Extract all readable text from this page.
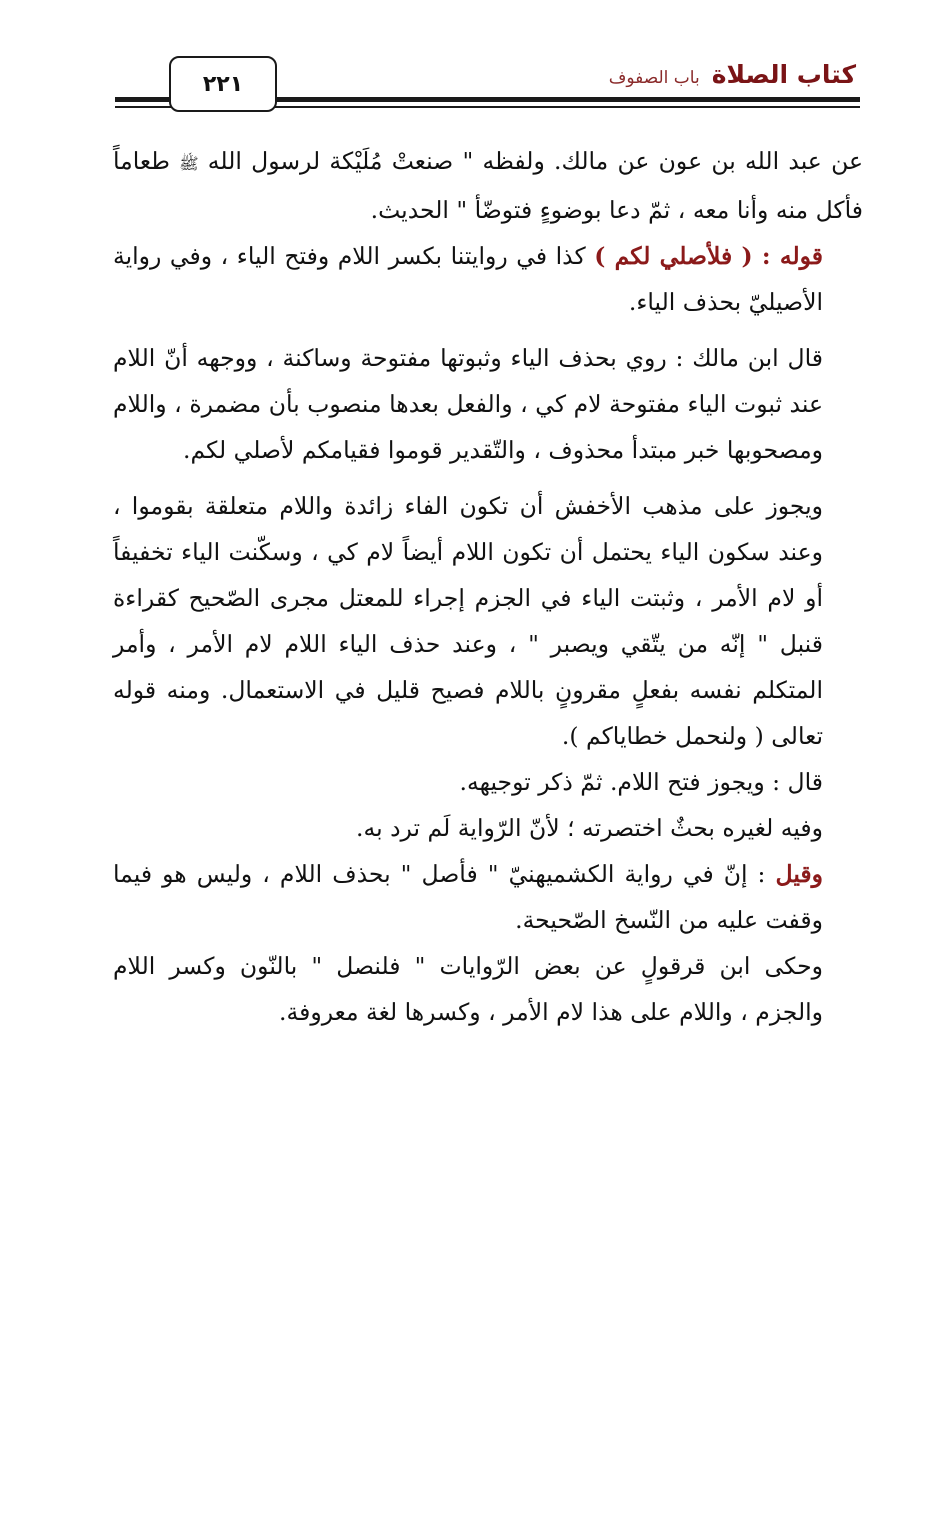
كتاب الصلاةباب الصفوف
٢٢١

عن عبد الله بن عون عن مالك. ولفظه " صنعتْ مُلَيْكة لرسول الله ﷺ طعاماً فأكل منه وأنا معه ، ثمّ دعا بوضوءٍ فتوضّأ " الحديث.

قوله : ( فلأصلي لكم ) كذا في روايتنا بكسر اللام وفتح الياء ، وفي رواية الأصيليّ بحذف الياء.

قال ابن مالك : روي بحذف الياء وثبوتها مفتوحة وساكنة ، ووجهه أنّ اللام عند ثبوت الياء مفتوحة لام كي ، والفعل بعدها منصوب بأن مضمرة ، واللام ومصحوبها خبر مبتدأ محذوف ، والتّقدير قوموا فقيامكم لأصلي لكم.

ويجوز على مذهب الأخفش أن تكون الفاء زائدة واللام متعلقة بقوموا ، وعند سكون الياء يحتمل أن تكون اللام أيضاً لام كي ، وسكّنت الياء تخفيفاً أو لام الأمر ، وثبتت الياء في الجزم إجراء للمعتل مجرى الصّحيح كقراءة قنبل " إنّه من يتّقي ويصبر " ، وعند حذف الياء اللام لام الأمر ، وأمر المتكلم نفسه بفعلٍ مقرونٍ باللام فصيح قليل في الاستعمال. ومنه قوله تعالى ( ولنحمل خطاياكم ).

قال : ويجوز فتح اللام. ثمّ ذكر توجيهه.

وفيه لغيره بحثٌ اختصرته ؛ لأنّ الرّواية لَم ترد به.

وقيل : إنّ في رواية الكشميهنيّ " فأصل " بحذف اللام ، وليس هو فيما وقفت عليه من النّسخ الصّحيحة.

وحكى ابن قرقولٍ عن بعض الرّوايات " فلنصل " بالنّون وكسر اللام والجزم ، واللام على هذا لام الأمر ، وكسرها لغة معروفة.
